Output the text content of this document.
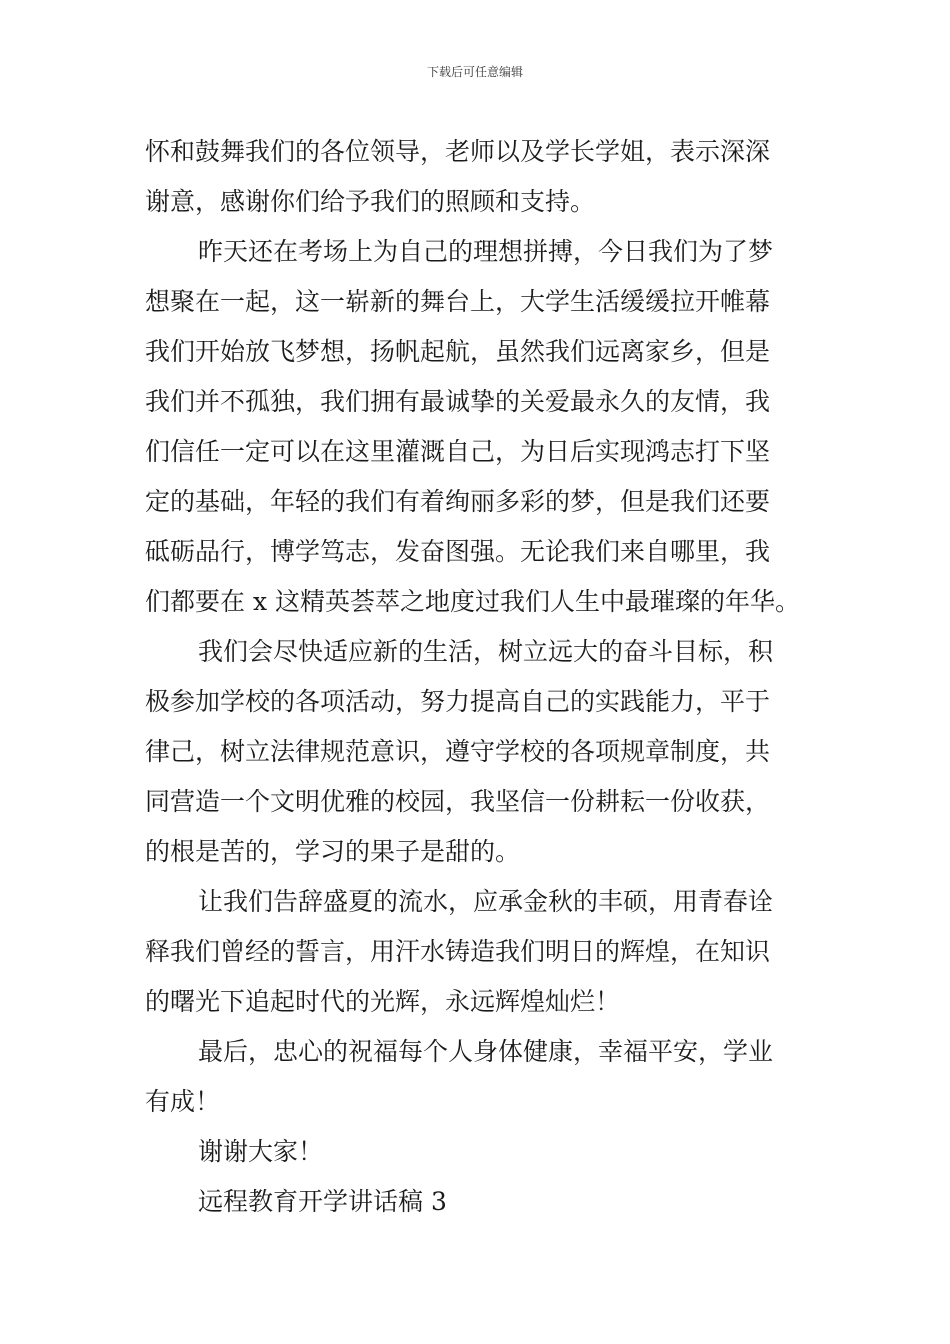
下载后可任意编辑
怀和鼓舞我们的各位领导，老师以及学长学姐，表示深深
谢意，感谢你们给予我们的照顾和支持。
昨天还在考场上为自己的理想拼搏，今日我们为了梦
想聚在一起，这一崭新的舞台上，大学生活缓缓拉开帷幕
我们开始放飞梦想，扬帆起航，虽然我们远离家乡，但是
我们并不孤独，我们拥有最诚挚的关爱最永久的友情，我
们信任一定可以在这里灌溉自己，为日后实现鸿志打下坚
定的基础，年轻的我们有着绚丽多彩的梦，但是我们还要
砥砺品行，博学笃志，发奋图强。无论我们来自哪里，我
们都要在 x 这精英荟萃之地度过我们人生中最璀璨的年华。
我们会尽快适应新的生活，树立远大的奋斗目标，积
极参加学校的各项活动，努力提高自己的实践能力，平于
律己，树立法律规范意识，遵守学校的各项规章制度，共
同营造一个文明优雅的校园，我坚信一份耕耘一份收获，
的根是苦的，学习的果子是甜的。
让我们告辞盛夏的流水，应承金秋的丰硕，用青春诠
释我们曾经的誓言，用汗水铸造我们明日的辉煌，在知识
的曙光下追起时代的光辉，永远辉煌灿烂！
最后，忠心的祝福每个人身体健康，幸福平安，学业
有成！
谢谢大家！
远程教育开学讲话稿 3
